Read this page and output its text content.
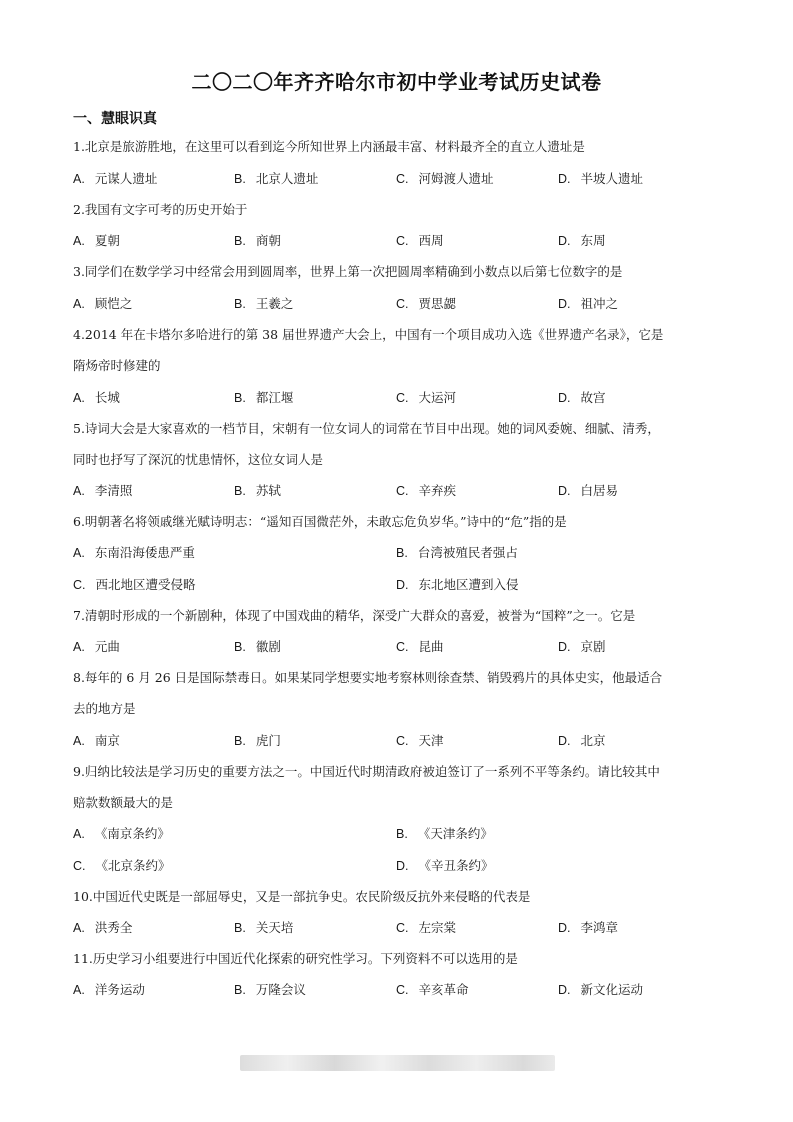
二〇二〇年齐齐哈尔市初中学业考试历史试卷
一、慧眼识真
1.北京是旅游胜地，在这里可以看到迄今所知世界上内涵最丰富、材料最齐全的直立人遗址是
A. 元谋人遗址	B. 北京人遗址	C. 河姆渡人遗址	D. 半坡人遗址
2.我国有文字可考的历史开始于
A. 夏朝	B. 商朝	C. 西周	D. 东周
3.同学们在数学学习中经常会用到圆周率，世界上第一次把圆周率精确到小数点以后第七位数字的是
A. 顾恺之	B. 王羲之	C. 贾思勰	D. 祖冲之
4.2014 年在卡塔尔多哈进行的第 38 届世界遗产大会上，中国有一个项目成功入选《世界遗产名录》，它是
隋炀帝时修建的
A. 长城	B. 都江堰	C. 大运河	D. 故宫
5.诗词大会是大家喜欢的一档节目，宋朝有一位女词人的词常在节目中出现。她的词风委婉、细腻、清秀，
同时也抒写了深沉的忧患情怀，这位女词人是
A. 李清照	B. 苏轼	C. 辛弃疾	D. 白居易
6.明朝著名将领戚继光赋诗明志：“遥知百国微茫外，未敢忘危负岁华。”诗中的“危”指的是
A. 东南沿海倭患严重	B. 台湾被殖民者强占
C. 西北地区遭受侵略	D. 东北地区遭到入侵
7.清朝时形成的一个新剧种，体现了中国戏曲的精华，深受广大群众的喜爱，被誉为“国粹”之一。它是
A. 元曲	B. 徽剧	C. 昆曲	D. 京剧
8.每年的 6 月 26 日是国际禁毒日。如果某同学想要实地考察林则徐查禁、销毁鸦片的具体史实，他最适合
去的地方是
A. 南京	B. 虎门	C. 天津	D. 北京
9.归纳比较法是学习历史的重要方法之一。中国近代时期清政府被迫签订了一系列不平等条约。请比较其中
赔款数额最大的是
A. 《南京条约》	B. 《天津条约》
C. 《北京条约》	D. 《辛丑条约》
10.中国近代史既是一部屈辱史，又是一部抗争史。农民阶级反抗外来侵略的代表是
A. 洪秀全	B. 关天培	C. 左宗棠	D. 李鸿章
11.历史学习小组要进行中国近代化探索的研究性学习。下列资料不可以选用的是
A. 洋务运动	B. 万隆会议	C. 辛亥革命	D. 新文化运动
